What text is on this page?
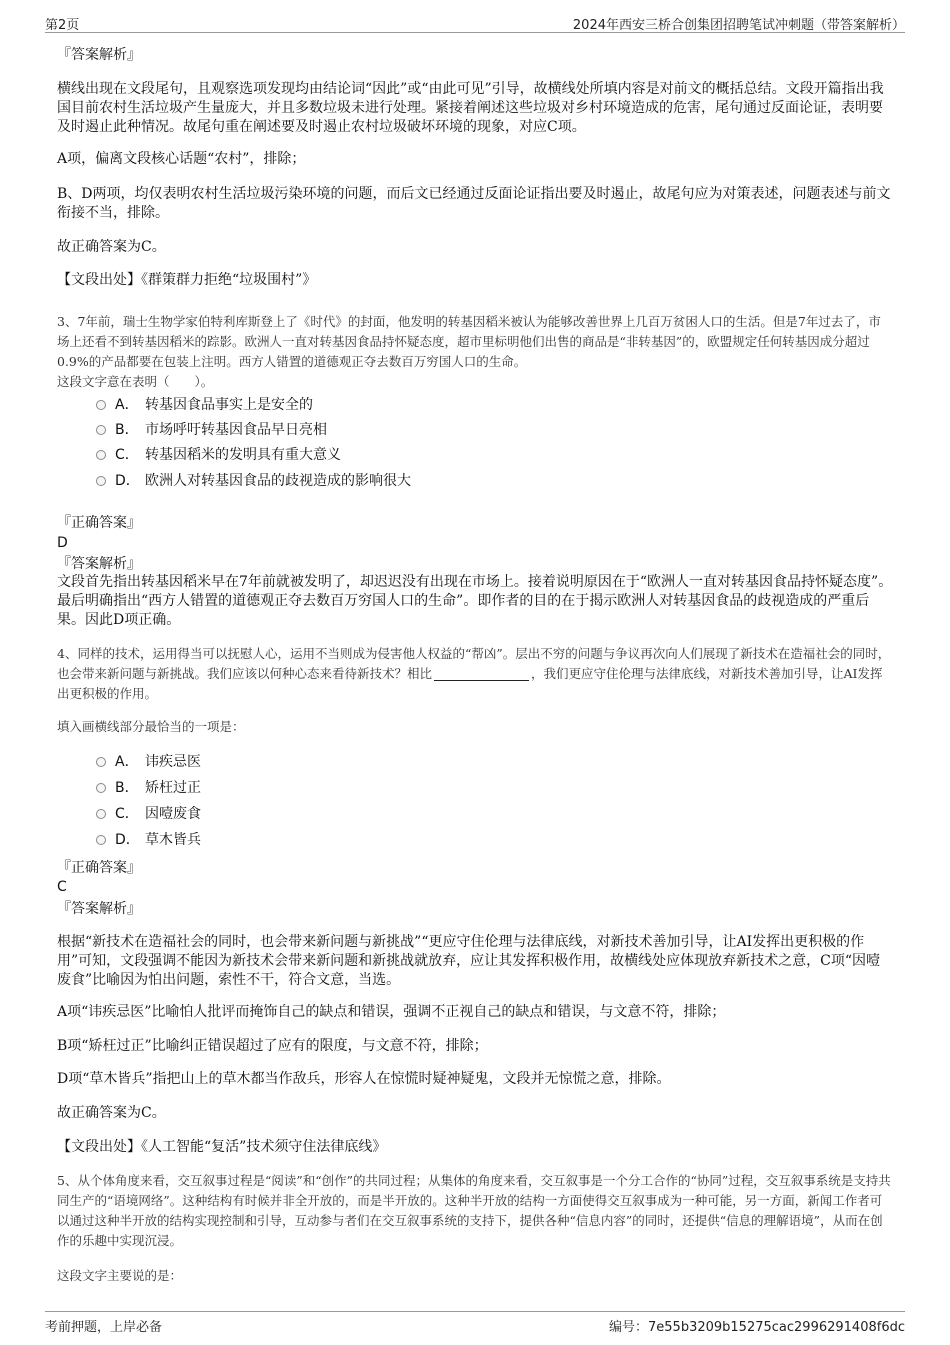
第2页	2024年西安三桥合创集团招聘笔试冲刺题（带答案解析）
『答案解析』
横线出现在文段尾句，且观察选项发现均由结论词“因此”或“由此可见”引导，故横线处所填内容是对前文的概括总结。文段开篇指出我国目前农村生活垃圾产生量庞大，并且多数垃圾未进行处理。紧接着阐述这些垃圾对乡村环境造成的危害，尾句通过反面论证，表明要及时遏止此种情况。故尾句重在阐述要及时遏止农村垃圾破坏环境的现象，对应C项。
A项，偏离文段核心话题“农村”，排除；
B、D两项，均仅表明农村生活垃圾污染环境的问题，而后文已经通过反面论证指出要及时遏止，故尾句应为对策表述，问题表述与前文衔接不当，排除。
故正确答案为C。
【文段出处】《群策群力拒绝“垃圾围村”》
3、7年前，瑞士生物学家伯特利库斯登上了《时代》的封面，他发明的转基因稻米被认为能够改善世界上几百万贫困人口的生活。但是7年过去了，市场上还看不到转基因稻米的踪影。欧洲人一直对转基因食品持怀疑态度，超市里标明他们出售的商品是“非转基因”的，欧盟规定任何转基因成分超过0.9%的产品都要在包装上注明。西方人错置的道德观正夺去数百万穷国人口的生命。
这段文字意在表明（　　）。
A． 转基因食品事实上是安全的
B． 市场呼吁转基因食品早日亮相
C． 转基因稻米的发明具有重大意义
D． 欧洲人对转基因食品的歧视造成的影响很大
『正确答案』
D
『答案解析』
文段首先指出转基因稻米早在7年前就被发明了，却迟迟没有出现在市场上。接着说明原因在于“欧洲人一直对转基因食品持怀疑态度”。最后明确指出“西方人错置的道德观正夺去数百万穷国人口的生命”。即作者的目的在于揭示欧洲人对转基因食品的歧视造成的严重后果。因此D项正确。
4、同样的技术，运用得当可以抚慰人心，运用不当则成为侵害他人权益的“帮凶”。层出不穷的问题与争议再次向人们展现了新技术在造福社会的同时，也会带来新问题与新挑战。我们应该以何种心态来看待新技术？相比	，我们更应守住伦理与法律底线，对新技术善加引导，让AI发挥出更积极的作用。
填入画横线部分最恰当的一项是：
A． 讳疾忌医
B． 矫枉过正
C． 因噎废食
D． 草木皆兵
『正确答案』
C
『答案解析』
根据“新技术在造福社会的同时，也会带来新问题与新挑战”“更应守住伦理与法律底线，对新技术善加引导，让AI发挥出更积极的作用”可知，文段强调不能因为新技术会带来新问题和新挑战就放弃，应让其发挥积极作用，故横线处应体现放弃新技术之意，C项“因噎废食”比喻因为怕出问题，索性不干，符合文意，当选。
A项“讳疾忌医”比喻怕人批评而掩饰自己的缺点和错误，强调不正视自己的缺点和错误，与文意不符，排除；
B项“矫枉过正”比喻纠正错误超过了应有的限度，与文意不符，排除；
D项“草木皆兵”指把山上的草木都当作敌兵，形容人在惊慌时疑神疑鬼，文段并无惊慌之意，排除。
故正确答案为C。
【文段出处】《人工智能“复活”技术须守住法律底线》
5、从个体角度来看，交互叙事过程是“阅读”和“创作”的共同过程；从集体的角度来看，交互叙事是一个分工合作的“协同”过程，交互叙事系统是支持共同生产的“语境网络”。这种结构有时候并非全开放的，而是半开放的。这种半开放的结构一方面使得交互叙事成为一种可能，另一方面，新闻工作者可以通过这种半开放的结构实现控制和引导，互动参与者们在交互叙事系统的支持下，提供各种“信息内容”的同时，还提供“信息的理解语境”，从而在创作的乐趣中实现沉浸。
这段文字主要说的是：
考前押题，上岸必备	编号：7e55b3209b15275cac2996291408f6dc
